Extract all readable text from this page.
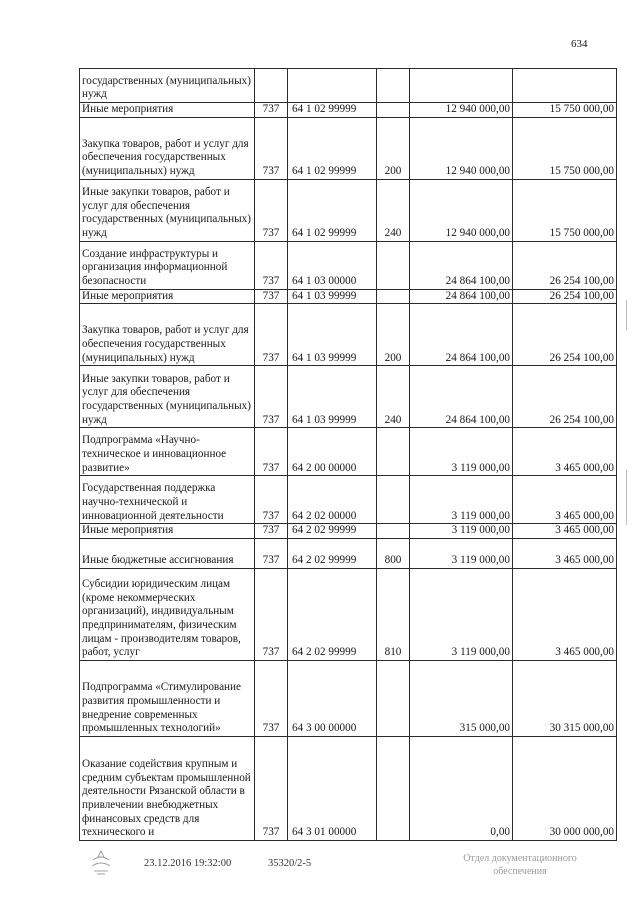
634
государственных (муниципальных) нужд					
Иные мероприятия	737	64 1 02 99999		12 940 000,00	15 750 000,00
Закупка товаров, работ и услуг для обеспечения государственных (муниципальных) нужд	737	64 1 02 99999	200	12 940 000,00	15 750 000,00
Иные закупки товаров, работ и услуг для обеспечения государственных (муниципальных) нужд	737	64 1 02 99999	240	12 940 000,00	15 750 000,00
Создание инфраструктуры и организация информационной безопасности	737	64 1 03 00000		24 864 100,00	26 254 100,00
Иные мероприятия	737	64 1 03 99999		24 864 100,00	26 254 100,00
Закупка товаров, работ и услуг для обеспечения государственных (муниципальных) нужд	737	64 1 03 99999	200	24 864 100,00	26 254 100,00
Иные закупки товаров, работ и услуг для обеспечения государственных (муниципальных) нужд	737	64 1 03 99999	240	24 864 100,00	26 254 100,00
Подпрограмма «Научно-техническое и инновационное развитие»	737	64 2 00 00000		3 119 000,00	3 465 000,00
Государственная поддержка научно-технической и инновационной деятельности	737	64 2 02 00000		3 119 000,00	3 465 000,00
Иные мероприятия	737	64 2 02 99999		3 119 000,00	3 465 000,00
Иные бюджетные ассигнования	737	64 2 02 99999	800	3 119 000,00	3 465 000,00
Субсидии юридическим лицам (кроме некоммерческих организаций), индивидуальным предпринимателям, физическим лицам - производителям товаров, работ, услуг	737	64 2 02 99999	810	3 119 000,00	3 465 000,00
Подпрограмма «Стимулирование развития промышленности и внедрение современных промышленных технологий»	737	64 3 00 00000		315 000,00	30 315 000,00
Оказание содействия крупным и средним субъектам промышленной деятельности Рязанской области в привлечении внебюджетных финансовых средств для технического и	737	64 3 01 00000		0,00	30 000 000,00
23.12.2016 19:32:00	35320/2-5	Отдел документационного
обеспечения
